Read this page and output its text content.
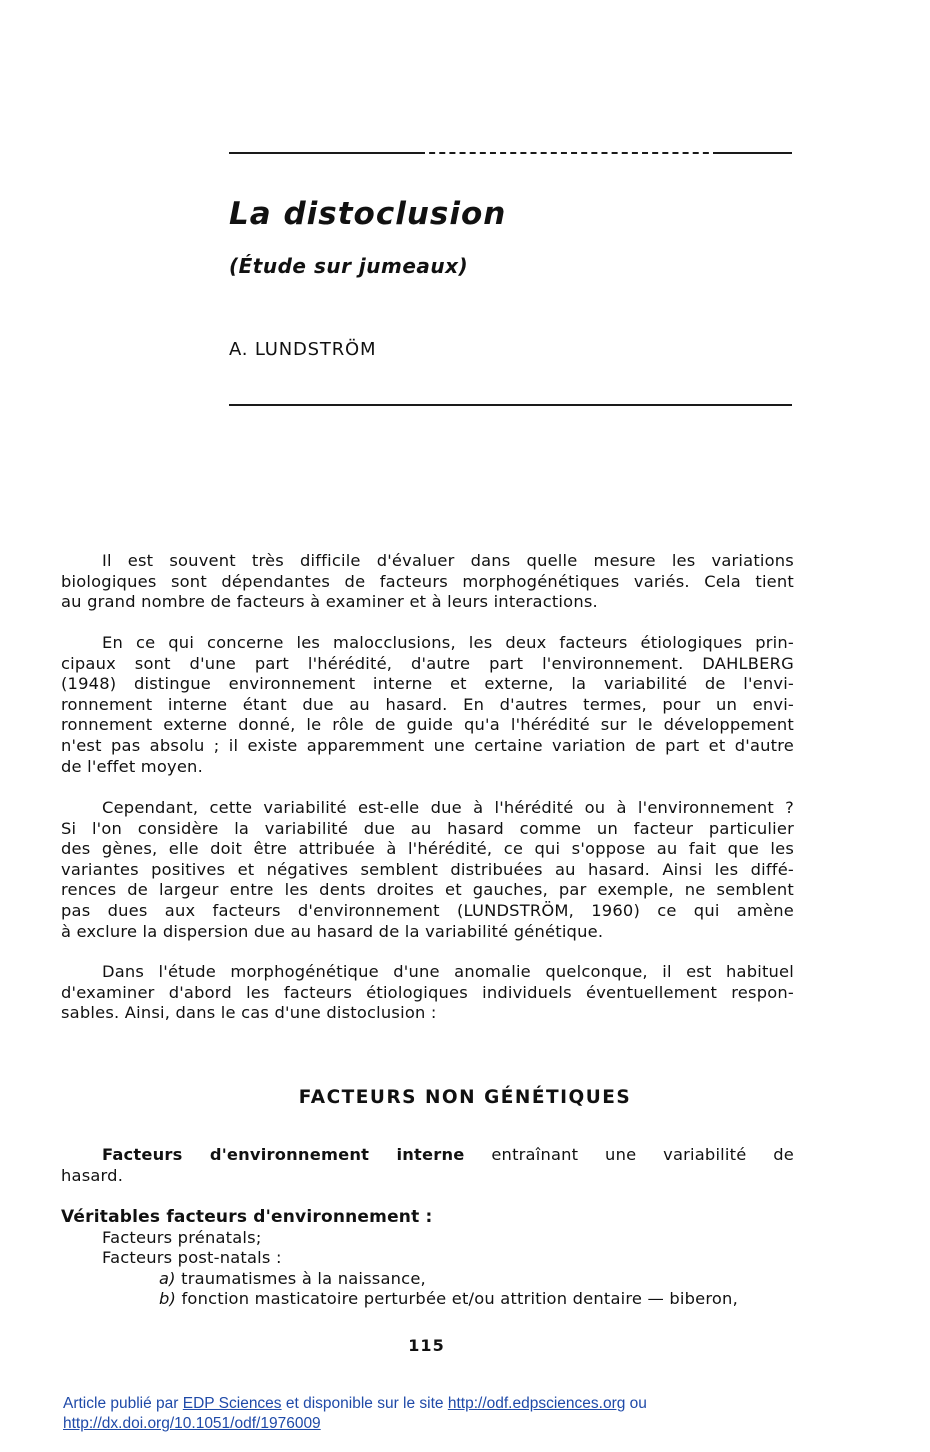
La distoclusion
(Étude sur jumeaux)
A. LUNDSTRÖM
Il est souvent très difficile d'évaluer dans quelle mesure les variations
biologiques sont dépendantes de facteurs morphogénétiques variés. Cela tient
au grand nombre de facteurs à examiner et à leurs interactions.
En ce qui concerne les malocclusions, les deux facteurs étiologiques prin-
cipaux sont d'une part l'hérédité, d'autre part l'environnement. DAHLBERG
(1948) distingue environnement interne et externe, la variabilité de l'envi-
ronnement interne étant due au hasard. En d'autres termes, pour un envi-
ronnement externe donné, le rôle de guide qu'a l'hérédité sur le développement
n'est pas absolu ; il existe apparemment une certaine variation de part et d'autre
de l'effet moyen.
Cependant, cette variabilité est-elle due à l'hérédité ou à l'environnement ?
Si l'on considère la variabilité due au hasard comme un facteur particulier
des gènes, elle doit être attribuée à l'hérédité, ce qui s'oppose au fait que les
variantes positives et négatives semblent distribuées au hasard. Ainsi les diffé-
rences de largeur entre les dents droites et gauches, par exemple, ne semblent
pas dues aux facteurs d'environnement (LUNDSTRÖM, 1960) ce qui amène
à exclure la dispersion due au hasard de la variabilité génétique.
Dans l'étude morphogénétique d'une anomalie quelconque, il est habituel
d'examiner d'abord les facteurs étiologiques individuels éventuellement respon-
sables. Ainsi, dans le cas d'une distoclusion :
FACTEURS NON GÉNÉTIQUES
Facteurs d'environnement interne entraînant une variabilité de
hasard.
Véritables facteurs d'environnement :
Facteurs prénatals;
Facteurs post-natals :
a) traumatismes à la naissance,
b) fonction masticatoire perturbée et/ou attrition dentaire — biberon,
115
Article publié par EDP Sciences et disponible sur le site http://odf.edpsciences.org ou
http://dx.doi.org/10.1051/odf/1976009
